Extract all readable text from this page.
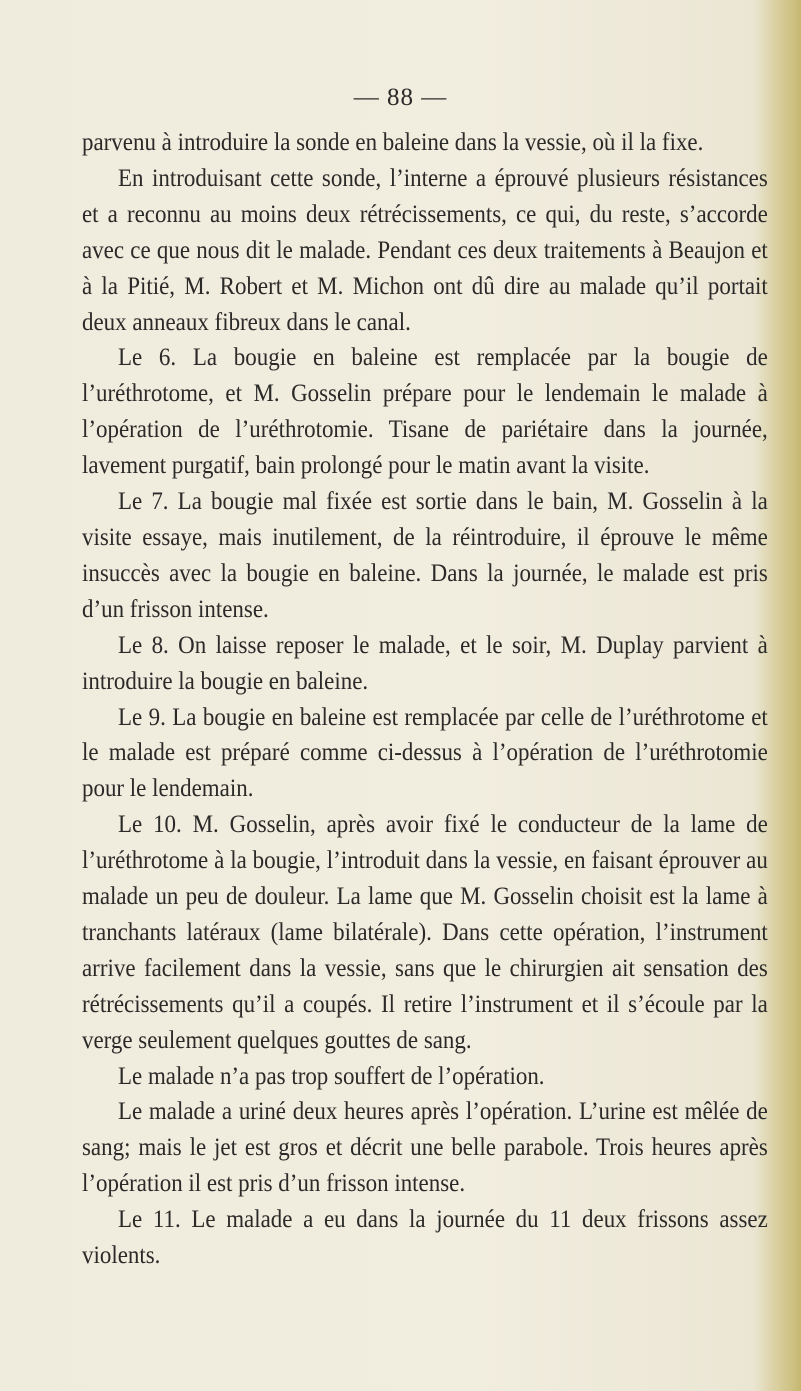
— 88 —

parvenu à introduire la sonde en baleine dans la vessie, où il la fixe.

En introduisant cette sonde, l’interne a éprouvé plusieurs résistances et a reconnu au moins deux rétrécissements, ce qui, du reste, s’accorde avec ce que nous dit le malade. Pendant ces deux traitements à Beaujon et à la Pitié, M. Robert et M. Michon ont dû dire au malade qu’il portait deux anneaux fibreux dans le canal.

Le 6. La bougie en baleine est remplacée par la bougie de l’uréthrotome, et M. Gosselin prépare pour le lendemain le malade à l’opération de l’uréthrotomie. Tisane de pariétaire dans la journée, lavement purgatif, bain prolongé pour le matin avant la visite.

Le 7. La bougie mal fixée est sortie dans le bain, M. Gosselin à la visite essaye, mais inutilement, de la réintroduire, il éprouve le même insuccès avec la bougie en baleine. Dans la journée, le malade est pris d’un frisson intense.

Le 8. On laisse reposer le malade, et le soir, M. Duplay parvient à introduire la bougie en baleine.

Le 9. La bougie en baleine est remplacée par celle de l’uréthrotome et le malade est préparé comme ci-dessus à l’opération de l’uréthrotomie pour le lendemain.

Le 10. M. Gosselin, après avoir fixé le conducteur de la lame de l’uréthrotome à la bougie, l’introduit dans la vessie, en faisant éprouver au malade un peu de douleur. La lame que M. Gosselin choisit est la lame à tranchants latéraux (lame bilatérale). Dans cette opération, l’instrument arrive facilement dans la vessie, sans que le chirurgien ait sensation des rétrécissements qu’il a coupés. Il retire l’instrument et il s’écoule par la verge seulement quelques gouttes de sang.

Le malade n’a pas trop souffert de l’opération.

Le malade a uriné deux heures après l’opération. L’urine est mêlée de sang; mais le jet est gros et décrit une belle parabole. Trois heures après l’opération il est pris d’un frisson intense.

Le 11. Le malade a eu dans la journée du 11 deux frissons assez violents.
